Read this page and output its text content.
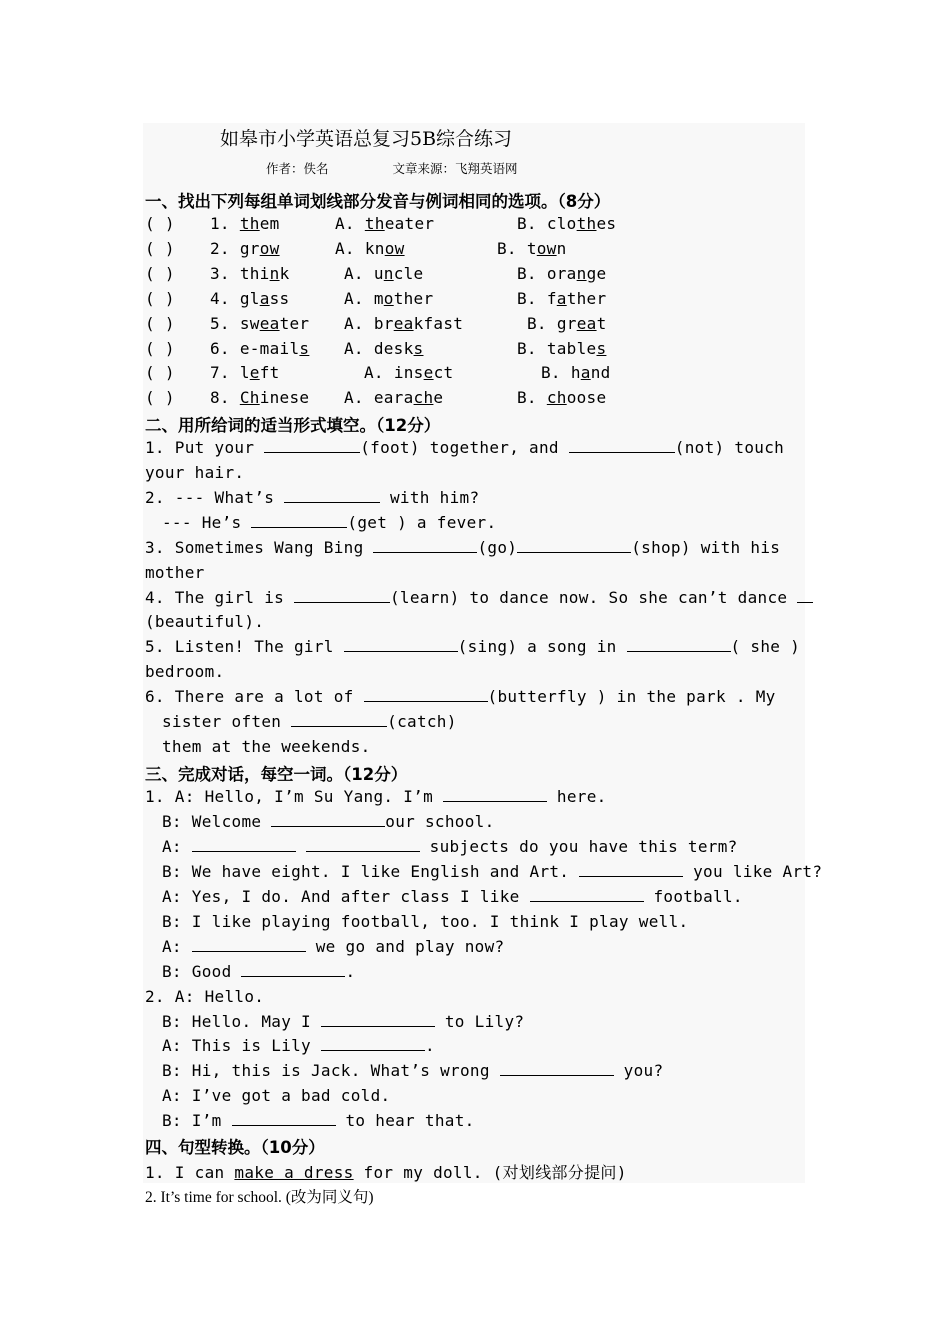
如皋市小学英语总复习5B综合练习
作者：佚名	文章来源：飞翔英语网
一、找出下列每组单词划线部分发音与例词相同的选项。（8分）
( ) 1. them	A. theater	B. clothes
( ) 2. grow	A. know	B. town
( ) 3. think	A. uncle	B. orange
( ) 4. glass	A. mother	B. father
( ) 5. sweater A. breakfast	B. great
( ) 6. e-mails A. desks	B. tables
( ) 7. left	A. insect	B. hand
( ) 8. Chinese A. earache	B. choose
二、用所给词的适当形式填空。（12分）
1. Put your	(foot) together, and	(not) touch
your hair.
2. --- What’s	with him?
--- He’s	(get ) a fever.
3. Sometimes Wang Bing	(go)	(shop) with his
mother
4. The girl is	(learn) to dance now. So she can’t dance
(beautiful).
5. Listen! The girl	(sing) a song in	( she )
bedroom.
6. There are a lot of	(butterfly ) in the park . My
sister often	(catch)
them at the weekends.
三、完成对话，每空一词。（12分）
1. A: Hello, I’m Su Yang. I’m	here.
B: Welcome	our school.
A:	subjects do you have this term?
B: We have eight. I like English and Art.	you like Art?
A: Yes, I do. And after class I like	football.
B: I like playing football, too. I think I play well.
A:	we go and play now?
B: Good	.
2. A: Hello.
B: Hello. May I	to Lily?
A: This is Lily	.
B: Hi, this is Jack. What’s wrong	you?
A: I’ve got a bad cold.
B: I’m	to hear that.
四、句型转换。（10分）
1. I can make a dress for my doll. (对划线部分提问)
2. It’s time for school. (改为同义句)
